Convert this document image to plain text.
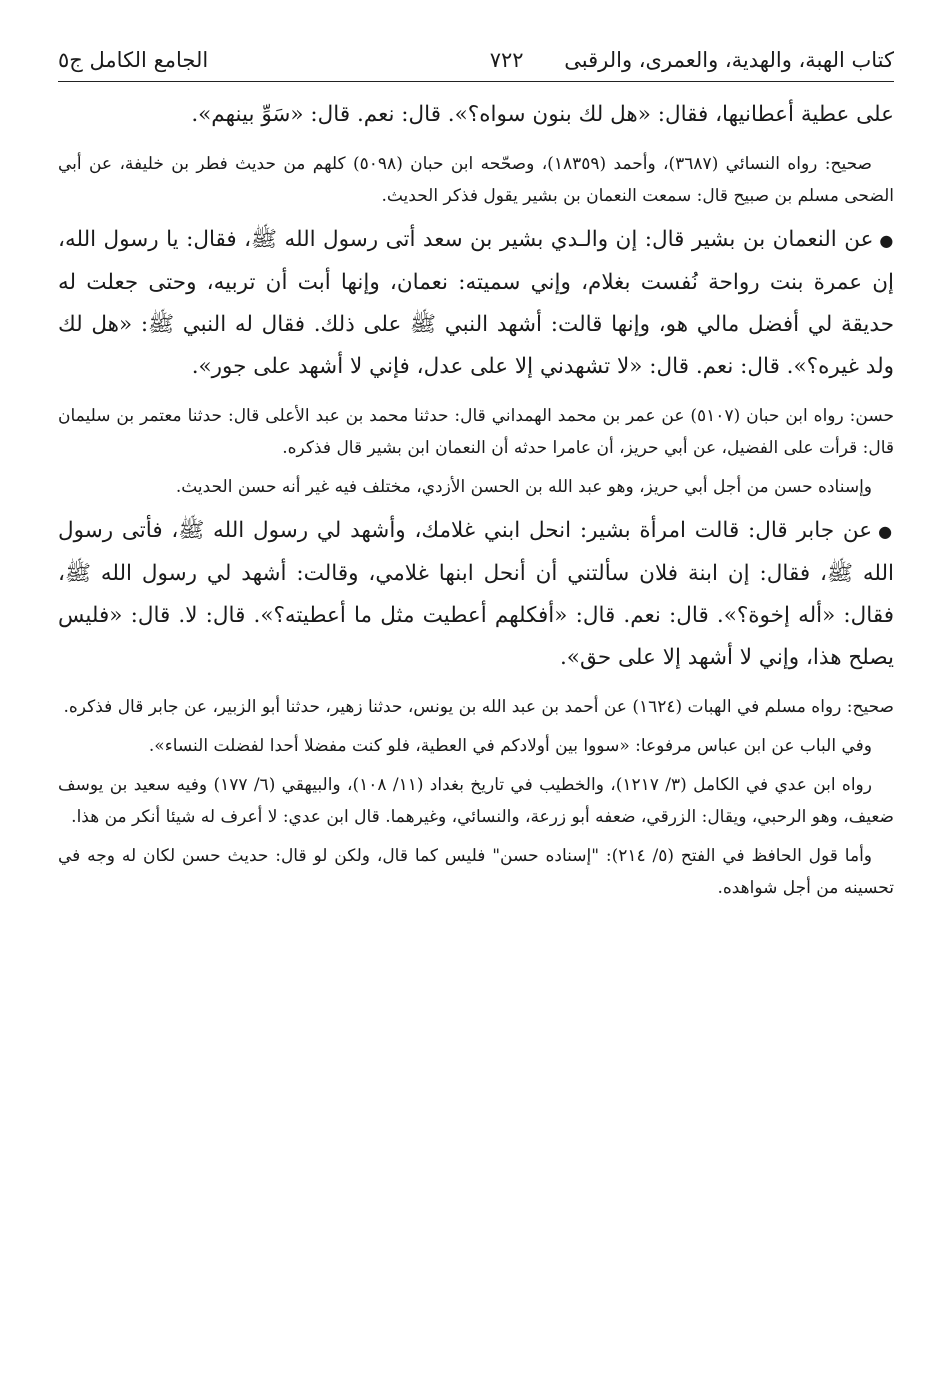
كتاب الهبة، والهدية، والعمرى، والرقبى ٧٢٢
الجامع الكامل ج٥

على عطية أعطانيها، فقال: «هل لك بنون سواه؟». قال: نعم. قال: «سَوِّ بينهم».

صحيح: رواه النسائي (٣٦٨٧)، وأحمد (١٨٣٥٩)، وصحّحه ابن حبان (٥٠٩٨) كلهم من حديث فطر بن خليفة، عن أبي الضحى مسلم بن صبيح قال: سمعت النعمان بن بشير يقول فذكر الحديث.

●عن النعمان بن بشير قال: إن والـدي بشير بن سعد أتى رسول الله ﷺ، فقال: يا رسول الله، إن عمرة بنت رواحة نُفست بغلام، وإني سميته: نعمان، وإنها أبت أن تربيه، وحتى جعلت له حديقة لي أفضل مالي هو، وإنها قالت: أشهد النبي ﷺ على ذلك. فقال له النبي ﷺ: «هل لك ولد غيره؟». قال: نعم. قال: «لا تشهدني إلا على عدل، فإني لا أشهد على جور».

حسن: رواه ابن حبان (٥١٠٧) عن عمر بن محمد الهمداني قال: حدثنا محمد بن عبد الأعلى قال: حدثنا معتمر بن سليمان قال: قرأت على الفضيل، عن أبي حريز، أن عامرا حدثه أن النعمان ابن بشير قال فذكره.

وإسناده حسن من أجل أبي حريز، وهو عبد الله بن الحسن الأزدي، مختلف فيه غير أنه حسن الحديث.

●عن جابر قال: قالت امرأة بشير: انحل ابني غلامك، وأشهد لي رسول الله ﷺ، فأتى رسول الله ﷺ، فقال: إن ابنة فلان سألتني أن أنحل ابنها غلامي، وقالت: أشهد لي رسول الله ﷺ، فقال: «أله إخوة؟». قال: نعم. قال: «أفكلهم أعطيت مثل ما أعطيته؟». قال: لا. قال: «فليس يصلح هذا، وإني لا أشهد إلا على حق».

صحيح: رواه مسلم في الهبات (١٦٢٤) عن أحمد بن عبد الله بن يونس، حدثنا زهير، حدثنا أبو الزبير، عن جابر قال فذكره.

وفي الباب عن ابن عباس مرفوعا: «سووا بين أولادكم في العطية، فلو كنت مفضلا أحدا لفضلت النساء».

رواه ابن عدي في الكامل (٣/ ١٢١٧)، والخطيب في تاريخ بغداد (١١/ ١٠٨)، والبيهقي (٦/ ١٧٧) وفيه سعيد بن يوسف ضعيف، وهو الرحبي، ويقال: الزرقي، ضعفه أبو زرعة، والنسائي، وغيرهما. قال ابن عدي: لا أعرف له شيئا أنكر من هذا.

وأما قول الحافظ في الفتح (٥/ ٢١٤): "إسناده حسن" فليس كما قال، ولكن لو قال: حديث حسن لكان له وجه في تحسينه من أجل شواهده.
